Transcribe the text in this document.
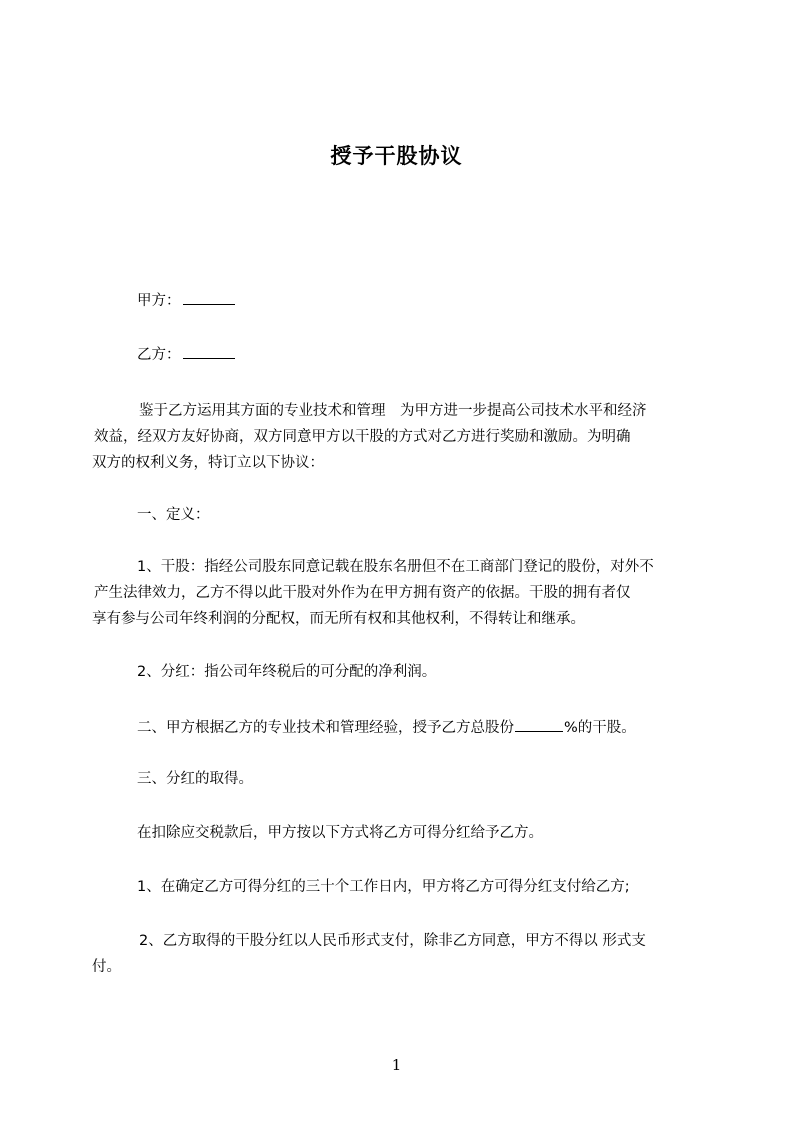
授予干股协议
甲方：
乙方：
鉴于乙方运用其方面的专业技术和管理　为甲方进一步提高公司技术水平和经济
效益，经双方友好协商，双方同意甲方以干股的方式对乙方进行奖励和激励。为明确
双方的权利义务，特订立以下协议：
一、定义：
1、干股：指经公司股东同意记载在股东名册但不在工商部门登记的股份，对外不
产生法律效力，乙方不得以此干股对外作为在甲方拥有资产的依据。干股的拥有者仅
享有参与公司年终利润的分配权，而无所有权和其他权利，不得转让和继承。
2、分红：指公司年终税后的可分配的净利润。
二、甲方根据乙方的专业技术和管理经验，授予乙方总股份	%的干股。
三、分红的取得。
在扣除应交税款后，甲方按以下方式将乙方可得分红给予乙方。
1、在确定乙方可得分红的三十个工作日内，甲方将乙方可得分红支付给乙方;
2、乙方取得的干股分红以人民币形式支付，除非乙方同意，甲方不得以 形式支
付。
1
